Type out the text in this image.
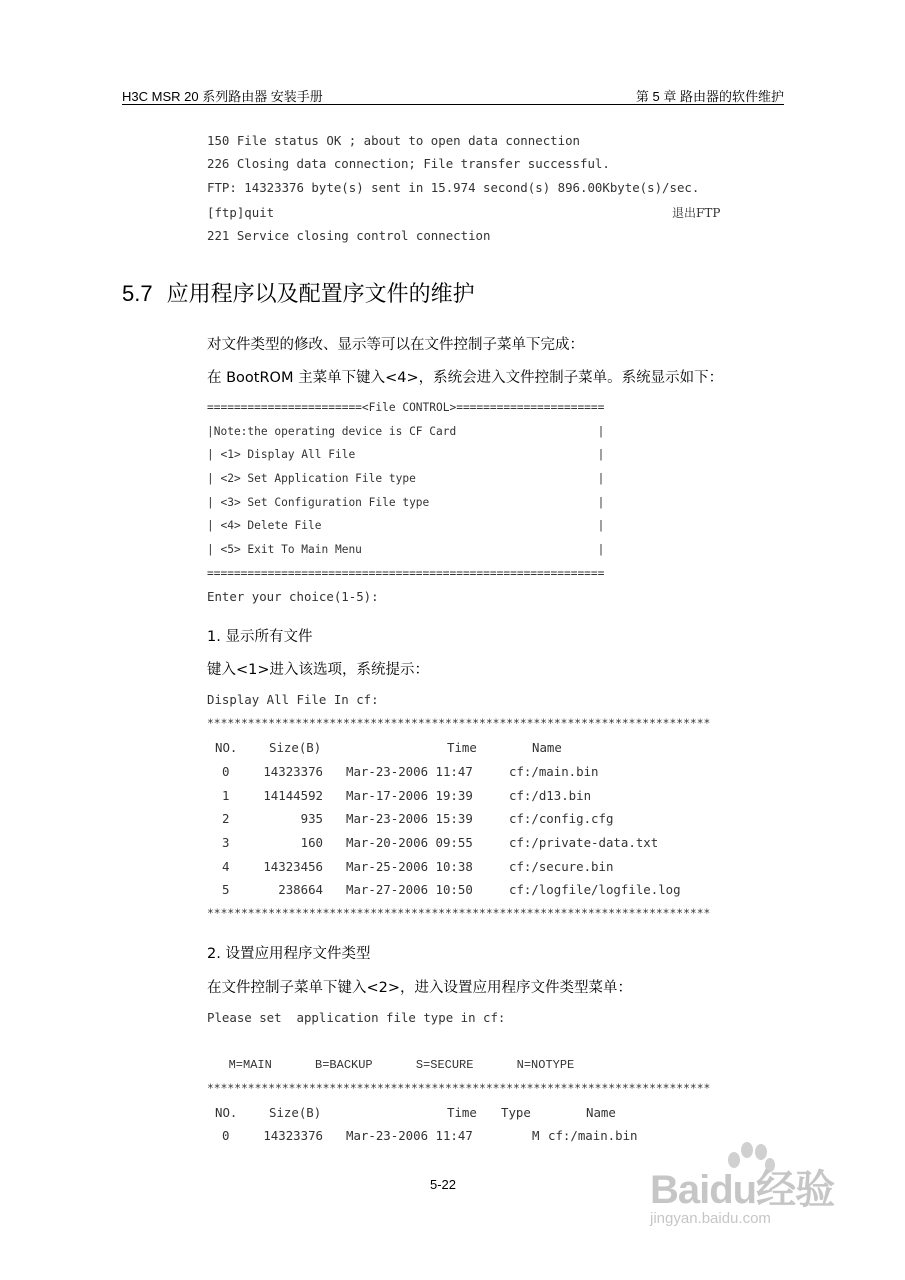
H3C MSR 20 系列路由器 安装手册	第 5 章 路由器的软件维护
150 File status OK ; about to open data connection
226 Closing data connection; File transfer successful.
FTP: 14323376 byte(s) sent in 15.974 second(s) 896.00Kbyte(s)/sec.
[ftp]quit	退出FTP
221 Service closing control connection
5.7 应用程序以及配置序文件的维护
对文件类型的修改、显示等可以在文件控制子菜单下完成：
在 BootROM 主菜单下键入<4>，系统会进入文件控制子菜单。系统显示如下：
=======================<File CONTROL>======================
|Note:the operating device is CF Card                     |
| <1> Display All File                                    |
| <2> Set Application File type                           |
| <3> Set Configuration File type                         |
| <4> Delete File                                         |
| <5> Exit To Main Menu                                   |
===========================================================
Enter your choice(1-5):
1. 显示所有文件
键入<1>进入该选项，系统提示：
Display All File In cf:
**************************************************************************
NO.	Size(B)	Time	Name
0	14323376 Mar-23-2006 11:47	cf:/main.bin
1	14144592 Mar-17-2006 19:39	cf:/d13.bin
2	935 Mar-23-2006 15:39	cf:/config.cfg
3	160 Mar-20-2006 09:55	cf:/private-data.txt
4	14323456 Mar-25-2006 10:38	cf:/secure.bin
5	238664 Mar-27-2006 10:50	cf:/logfile/logfile.log
**************************************************************************
2. 设置应用程序文件类型
在文件控制子菜单下键入<2>，进入设置应用程序文件类型菜单：
Please set  application file type in cf:
M=MAIN      B=BACKUP      S=SECURE      N=NOTYPE
**************************************************************************
NO.	Size(B)	Time Type	Name
0	14323376 Mar-23-2006 11:47	M cf:/main.bin
5-22	Baidu经验
jingyan.baidu.com
